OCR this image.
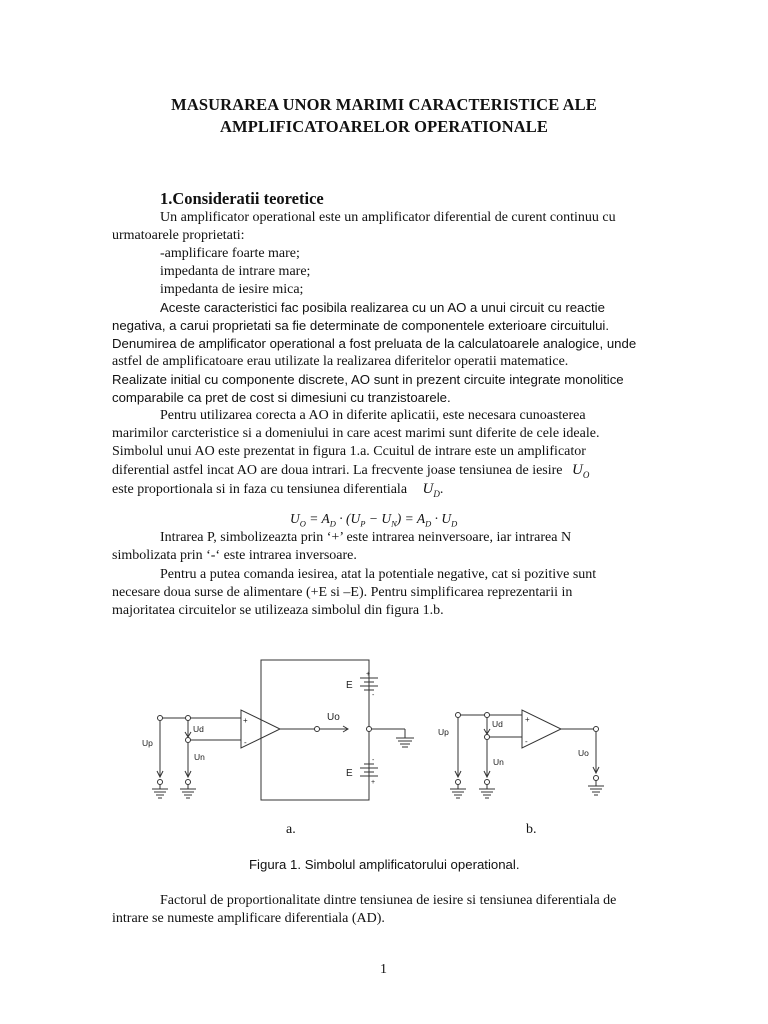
MASURAREA UNOR MARIMI CARACTERISTICE ALE
AMPLIFICATOARELOR OPERATIONALE
1.Consideratii teoretice
Un amplificator operational este un amplificator diferential de curent continuu cu
urmatoarele proprietati:
-amplificare foarte mare;
impedanta de intrare mare;
impedanta de iesire mica;
Aceste caracteristici fac posibila realizarea cu un AO a unui circuit cu reactie
negativa, a carui proprietati sa fie determinate de componentele exterioare circuitului.
Denumirea de amplificator operational a fost preluata de la calculatoarele analogice, unde
astfel de amplificatoare erau utilizate la realizarea diferitelor operatii matematice.
Realizate initial cu componente discrete, AO sunt in prezent circuite integrate monolitice
comparabile ca pret de cost si dimesiuni cu tranzistoarele.
Pentru utilizarea corecta a AO in diferite aplicatii, este necesara cunoasterea
marimilor carcteristice si a domeniului in care acest marimi sunt diferite de cele ideale.
Simbolul unui AO este prezentat in figura 1.a. Ccuitul de intrare este un amplificator
diferential astfel incat AO are doua intrari. La frecvente joase tensiunea de iesire $U_O$
este proportionala si in faza cu tensiunea diferentiala $U_D$.
$U_O = A_D \cdot (U_P - U_N) = A_D \cdot U_D$
Intrarea P, simbolizeazta prin ‘+’ este intrarea neinversoare, iar intrarea N
simbolizata prin ‘-‘ este intrarea inversoare.
Pentru a putea comanda iesirea, atat la potentiale negative, cat si pozitive sunt
necesare doua surse de alimentare (+E si –E). Pentru simplificarea reprezentarii in
majoritatea circuitelor se utilizeaza simbolul din figura 1.b.
Ud
Up
Un
+
-
Uo
E
E
+
-
-
+
Ud
Up
Un
+
-
Uo
a.	b.
Figura 1. Simbolul amplificatorului operational.
Factorul de proportionalitate dintre tensiunea de iesire si tensiunea diferentiala de
intrare se numeste amplificare diferentiala (AD).
1
